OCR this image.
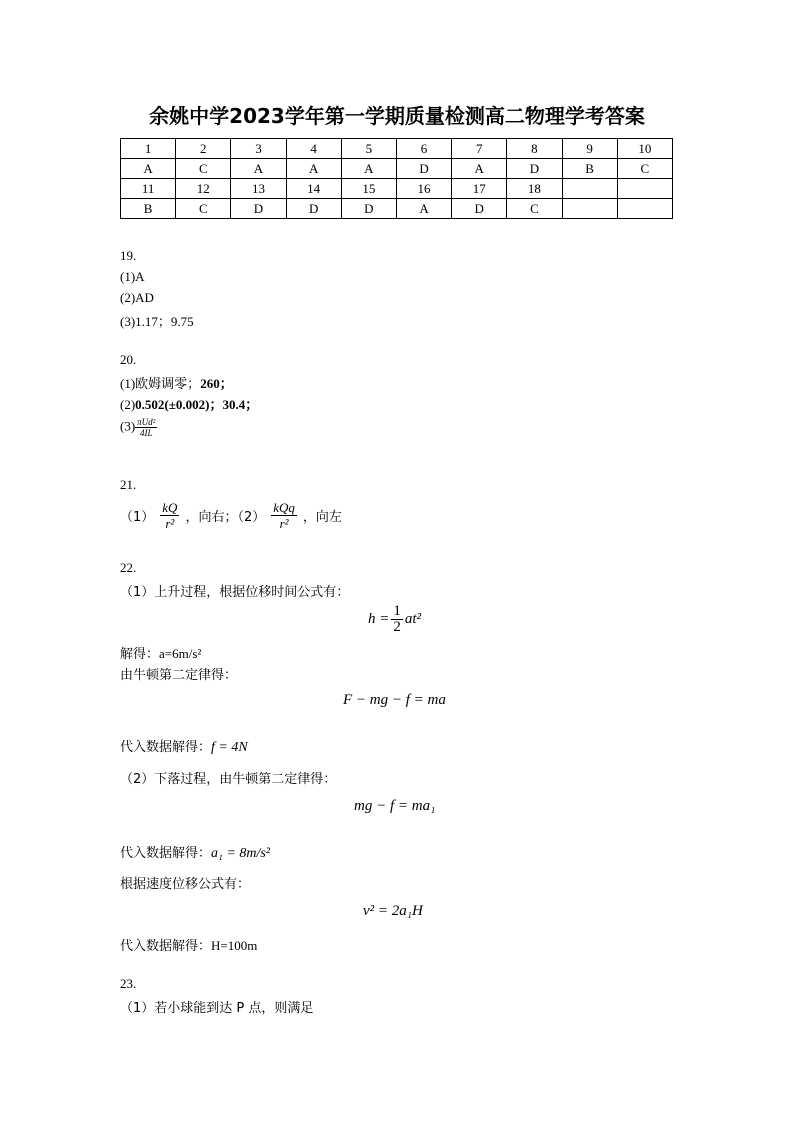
余姚中学2023学年第一学期质量检测高二物理学考答案
1	2	3	4	5	6	7	8	9	10
A	C	A	A	A	D	A	D	B	C
11	12	13	14	15	16	17	18		
B	C	D	D	D	A	D	C		
19.
(1)A
(2)AD
(3)1.17；9.75
20.
(1)欧姆调零；260；
(2)0.502(±0.002)；30.4；
$(3) \frac{\text{πUd²}}{4IL}$
21.
$(1) \frac{kQ}{\text{r²}}$ ，向右；$(2) \frac{\text{kQq}}{\text{r²}}$ ，向左
22.
（1）上升过程，根据位移时间公式有：
$h = \frac{1}{2} at^2$
解得：a=6m/s²
由牛顿第二定律得：
F − mg − f = ma
代入数据解得：f = 4N
（2）下落过程，由牛顿第二定律得：
mg − f = ma₁
代入数据解得：a₁ = 8m/s²
根据速度位移公式有：
v² = 2a₁H
代入数据解得：H=100m
23.
（1）若小球能到达 P 点，则满足
